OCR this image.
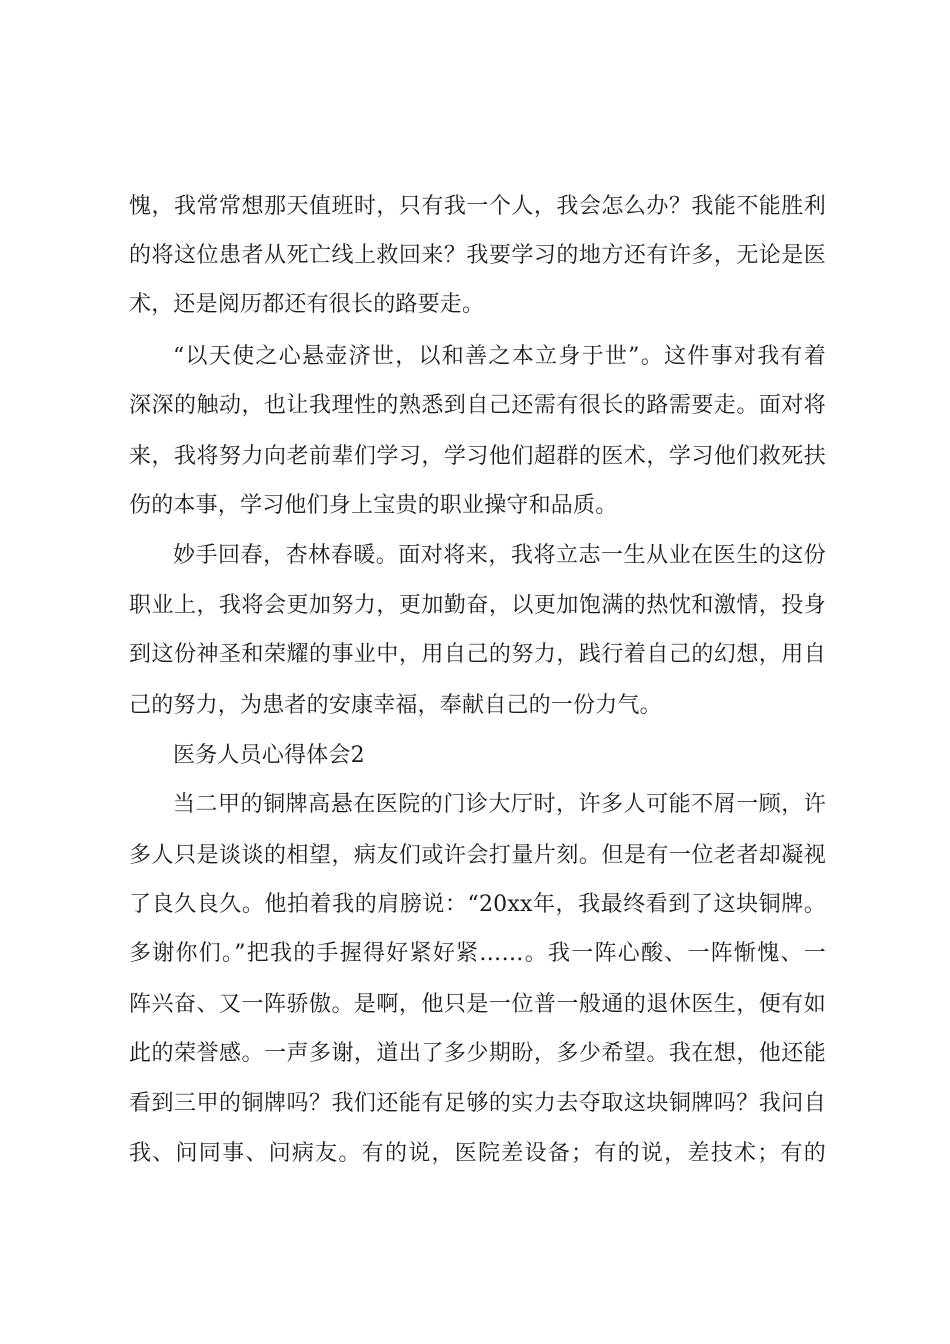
愧，我常常想那天值班时，只有我一个人，我会怎么办？我能不能胜利
的将这位患者从死亡线上救回来？我要学习的地方还有许多，无论是医
术，还是阅历都还有很长的路要走。
“以天使之心悬壶济世，以和善之本立身于世”。这件事对我有着
深深的触动，也让我理性的熟悉到自己还需有很长的路需要走。面对将
来，我将努力向老前辈们学习，学习他们超群的医术，学习他们救死扶
伤的本事，学习他们身上宝贵的职业操守和品质。
妙手回春，杏林春暖。面对将来，我将立志一生从业在医生的这份
职业上，我将会更加努力，更加勤奋，以更加饱满的热忱和激情，投身
到这份神圣和荣耀的事业中，用自己的努力，践行着自己的幻想，用自
己的努力，为患者的安康幸福，奉献自己的一份力气。
医务人员心得体会2
当二甲的铜牌高悬在医院的门诊大厅时，许多人可能不屑一顾，许
多人只是谈谈的相望，病友们或许会打量片刻。但是有一位老者却凝视
了良久良久。他拍着我的肩膀说：“20xx年，我最终看到了这块铜牌。
多谢你们。”把我的手握得好紧好紧……。我一阵心酸、一阵惭愧、一
阵兴奋、又一阵骄傲。是啊，他只是一位普一般通的退休医生，便有如
此的荣誉感。一声多谢，道出了多少期盼，多少希望。我在想，他还能
看到三甲的铜牌吗？我们还能有足够的实力去夺取这块铜牌吗？我问自
我、问同事、问病友。有的说，医院差设备；有的说，差技术；有的
